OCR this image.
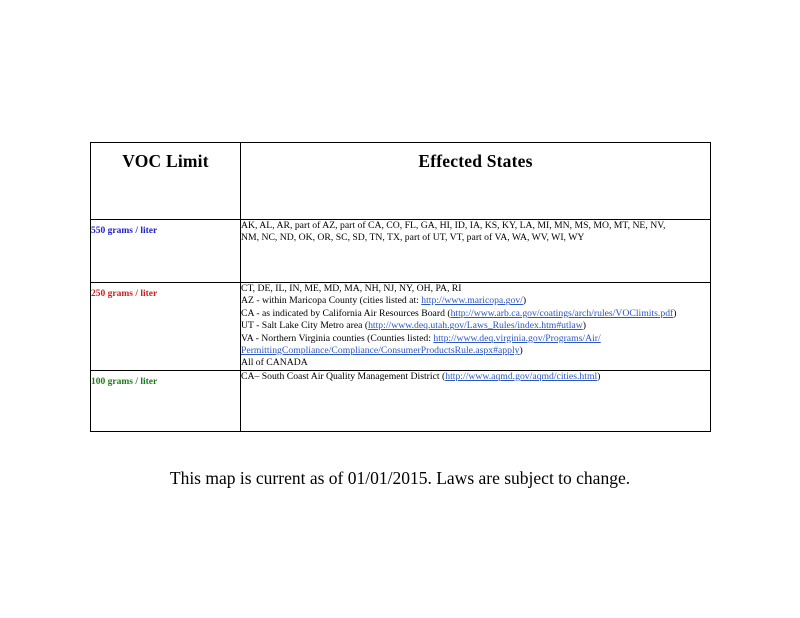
VOC Limit	Effected States

550 grams / liter	AK, AL, AR, part of AZ, part of CA, CO, FL, GA, HI, ID, IA, KS, KY, LA, MI, MN, MS, MO, MT, NE, NV,
NM, NC, ND, OK, OR, SC, SD, TN, TX, part of UT, VT, part of VA, WA, WV, WI, WY

250 grams / liter	CT, DE, IL, IN, ME, MD, MA, NH, NJ, NY, OH, PA, RI
AZ - within Maricopa County (cities listed at: http://www.maricopa.gov/)
CA - as indicated by California Air Resources Board (http://www.arb.ca.gov/coatings/arch/rules/VOClimits.pdf)
UT - Salt Lake City Metro area (http://www.deq.utah.gov/Laws_Rules/index.htm#utlaw)
VA - Northern Virginia counties (Counties listed: http://www.deq.virginia.gov/Programs/Air/
PermittingCompliance/Compliance/ConsumerProductsRule.aspx#apply)
All of CANADA

100 grams / liter	CA– South Coast Air Quality Management District (http://www.aqmd.gov/aqmd/cities.html)
This map is current as of 01/01/2015. Laws are subject to change.
